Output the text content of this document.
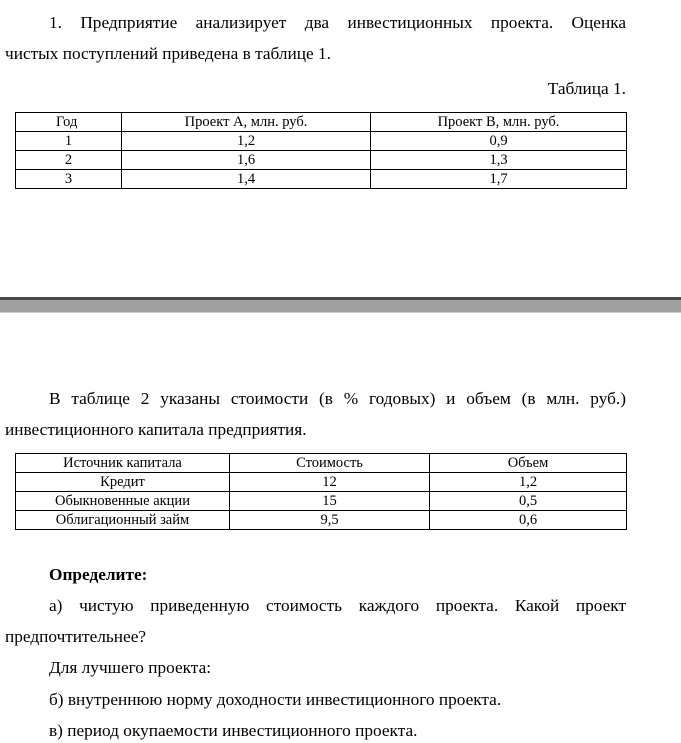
1. Предприятие анализирует два инвестиционных проекта. Оценка
чистых поступлений приведена в таблице 1.
Таблица 1.
Год	Проект А, млн. руб.	Проект В, млн. руб.
1	1,2	0,9
2	1,6	1,3
3	1,4	1,7
В таблице 2 указаны стоимости (в % годовых) и объем (в млн. руб.)
инвестиционного капитала предприятия.
Источник капитала	Стоимость	Объем
Кредит	12	1,2
Обыкновенные акции	15	0,5
Облигационный займ	9,5	0,6
Определите:
а) чистую приведенную стоимость каждого проекта. Какой проект
предпочтительнее?
Для лучшего проекта:
б) внутреннюю норму доходности инвестиционного проекта.
в) период окупаемости инвестиционного проекта.
